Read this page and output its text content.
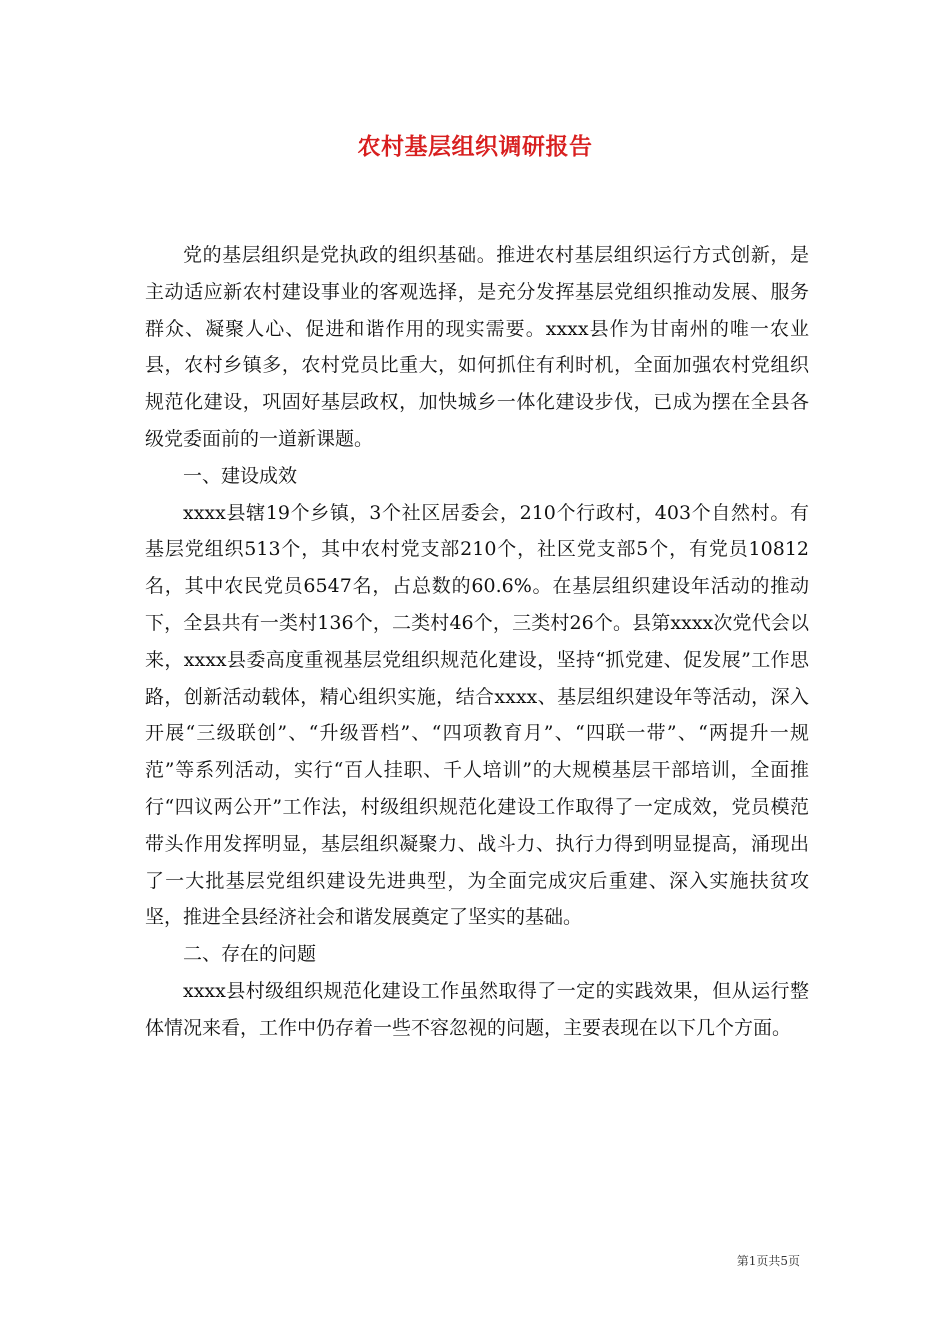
农村基层组织调研报告

党的基层组织是党执政的组织基础。推进农村基层组织运行方式创新，是主动适应新农村建设事业的客观选择，是充分发挥基层党组织推动发展、服务群众、凝聚人心、促进和谐作用的现实需要。xxxx县作为甘南州的唯一农业县，农村乡镇多，农村党员比重大，如何抓住有利时机，全面加强农村党组织规范化建设，巩固好基层政权，加快城乡一体化建设步伐，已成为摆在全县各级党委面前的一道新课题。

一、建设成效

xxxx县辖19个乡镇，3个社区居委会，210个行政村，403个自然村。有基层党组织513个，其中农村党支部210个，社区党支部5个，有党员10812名，其中农民党员6547名，占总数的60.6%。在基层组织建设年活动的推动下，全县共有一类村136个，二类村46个，三类村26个。县第xxxx次党代会以来，xxxx县委高度重视基层党组织规范化建设，坚持“抓党建、促发展”工作思路，创新活动载体，精心组织实施，结合xxxx、基层组织建设年等活动，深入开展“三级联创”、“升级晋档”、“四项教育月”、“四联一带”、“两提升一规范”等系列活动，实行“百人挂职、千人培训”的大规模基层干部培训，全面推行“四议两公开”工作法，村级组织规范化建设工作取得了一定成效，党员模范带头作用发挥明显，基层组织凝聚力、战斗力、执行力得到明显提高，涌现出了一大批基层党组织建设先进典型，为全面完成灾后重建、深入实施扶贫攻坚，推进全县经济社会和谐发展奠定了坚实的基础。

二、存在的问题

xxxx县村级组织规范化建设工作虽然取得了一定的实践效果，但从运行整体情况来看，工作中仍存着一些不容忽视的问题，主要表现在以下几个方面。

第1页共5页
